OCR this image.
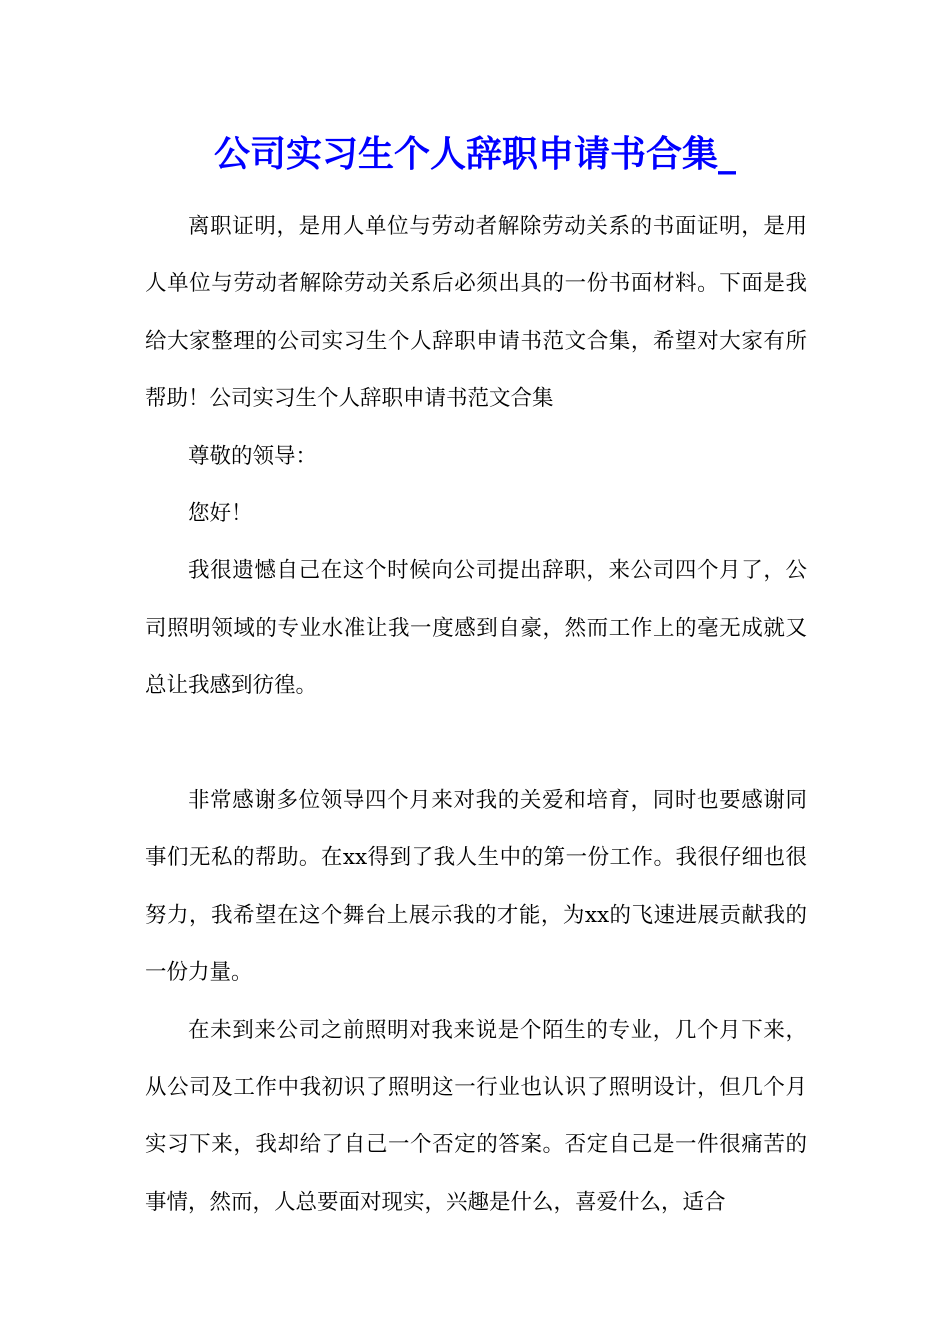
公司实习生个人辞职申请书合集_

离职证明，是用人单位与劳动者解除劳动关系的书面证明，是用人单位与劳动者解除劳动关系后必须出具的一份书面材料。下面是我给大家整理的公司实习生个人辞职申请书范文合集，希望对大家有所帮助！公司实习生个人辞职申请书范文合集

尊敬的领导：

您好！

我很遗憾自己在这个时候向公司提出辞职，来公司四个月了，公司照明领域的专业水准让我一度感到自豪，然而工作上的毫无成就又总让我感到彷徨。

非常感谢多位领导四个月来对我的关爱和培育，同时也要感谢同事们无私的帮助。在xx得到了我人生中的第一份工作。我很仔细也很努力，我希望在这个舞台上展示我的才能，为xx的飞速进展贡献我的一份力量。

在未到来公司之前照明对我来说是个陌生的专业，几个月下来，从公司及工作中我初识了照明这一行业也认识了照明设计，但几个月实习下来，我却给了自己一个否定的答案。否定自己是一件很痛苦的事情，然而，人总要面对现实，兴趣是什么，喜爱什么，适合
